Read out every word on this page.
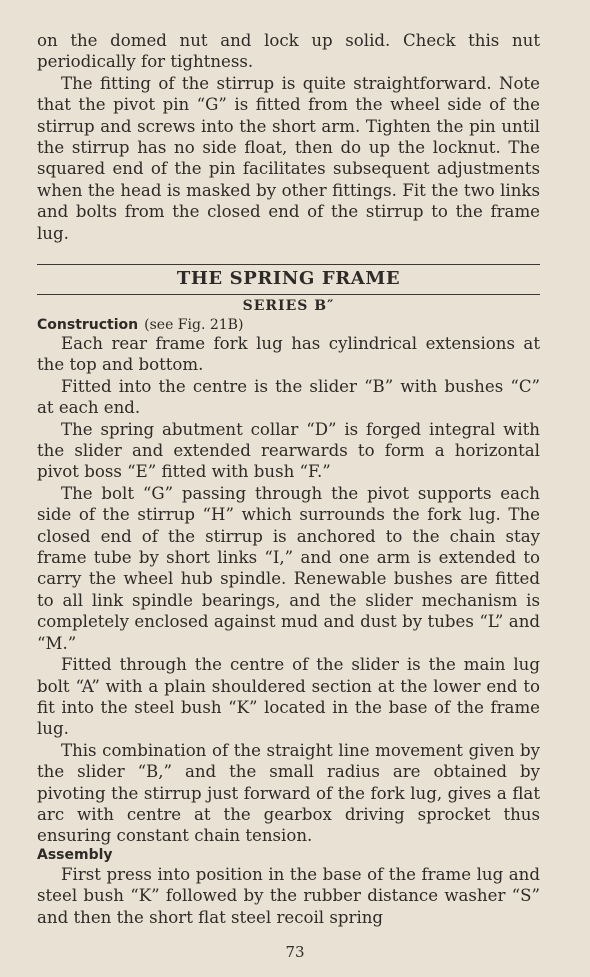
on the domed nut and lock up solid. Check this nut periodically for tightness.

The fitting of the stirrup is quite straightforward. Note that the pivot pin “G” is fitted from the wheel side of the stirrup and screws into the short arm. Tighten the pin until the stirrup has no side float, then do up the locknut. The squared end of the pin facilitates subsequent adjustments when the head is masked by other fittings. Fit the two links and bolts from the closed end of the stirrup to the frame lug.

THE SPRING FRAME
SERIES B″
Construction (see Fig. 21B)

Each rear frame fork lug has cylindrical extensions at the top and bottom.

Fitted into the centre is the slider “B” with bushes “C” at each end.

The spring abutment collar “D” is forged integral with the slider and extended rearwards to form a horizontal pivot boss “E” fitted with bush “F.”

The bolt “G” passing through the pivot supports each side of the stirrup “H” which surrounds the fork lug. The closed end of the stirrup is anchored to the chain stay frame tube by short links “I,” and one arm is extended to carry the wheel hub spindle. Renewable bushes are fitted to all link spindle bearings, and the slider mechanism is completely enclosed against mud and dust by tubes “L” and “M.”

Fitted through the centre of the slider is the main lug bolt “A” with a plain shouldered section at the lower end to fit into the steel bush “K” located in the base of the frame lug.

This combination of the straight line movement given by the slider “B,” and the small radius are obtained by pivoting the stirrup just forward of the fork lug, gives a flat arc with centre at the gearbox driving sprocket thus ensuring constant chain tension.

Assembly

First press into position in the base of the frame lug and steel bush “K” followed by the rubber distance washer “S” and then the short flat steel recoil spring

73
